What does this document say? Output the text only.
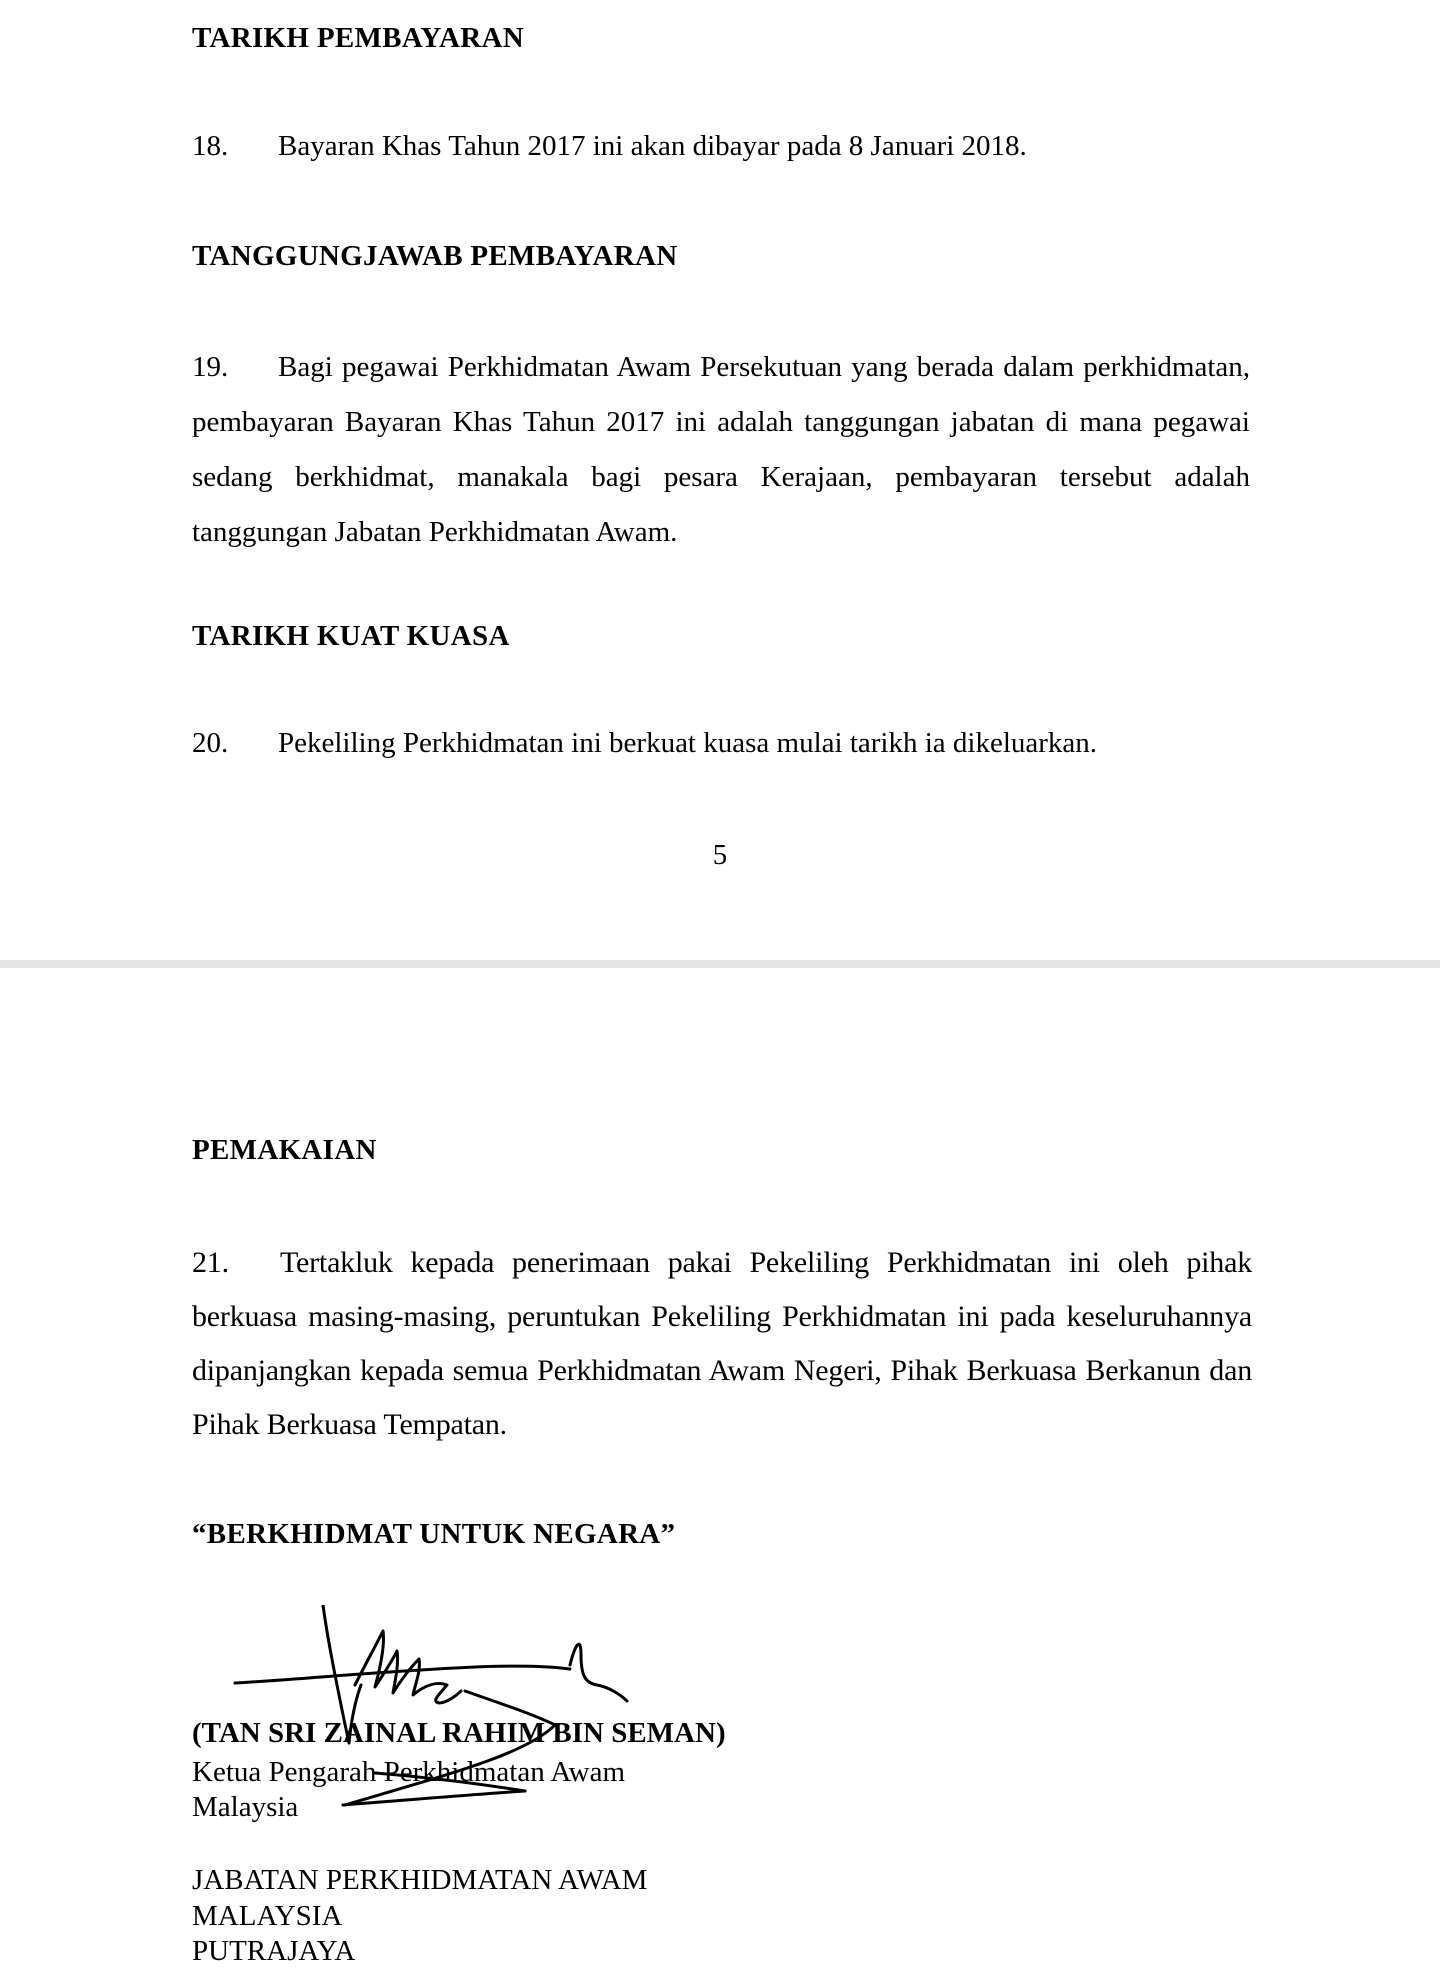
TARIKH PEMBAYARAN
18. Bayaran Khas Tahun 2017 ini akan dibayar pada 8 Januari 2018.
TANGGUNGJAWAB PEMBAYARAN
19. Bagi pegawai Perkhidmatan Awam Persekutuan yang berada dalam perkhidmatan, pembayaran Bayaran Khas Tahun 2017 ini adalah tanggungan jabatan di mana pegawai sedang berkhidmat, manakala bagi pesara Kerajaan, pembayaran tersebut adalah tanggungan Jabatan Perkhidmatan Awam.
TARIKH KUAT KUASA
20. Pekeliling Perkhidmatan ini berkuat kuasa mulai tarikh ia dikeluarkan.
5
PEMAKAIAN
21. Tertakluk kepada penerimaan pakai Pekeliling Perkhidmatan ini oleh pihak berkuasa masing-masing, peruntukan Pekeliling Perkhidmatan ini pada keseluruhannya dipanjangkan kepada semua Perkhidmatan Awam Negeri, Pihak Berkuasa Berkanun dan Pihak Berkuasa Tempatan.
“BERKHIDMAT UNTUK NEGARA”
(TAN SRI ZAINAL RAHIM BIN SEMAN)
Ketua Pengarah Perkhidmatan Awam
Malaysia
JABATAN PERKHIDMATAN AWAM
MALAYSIA
PUTRAJAYA
